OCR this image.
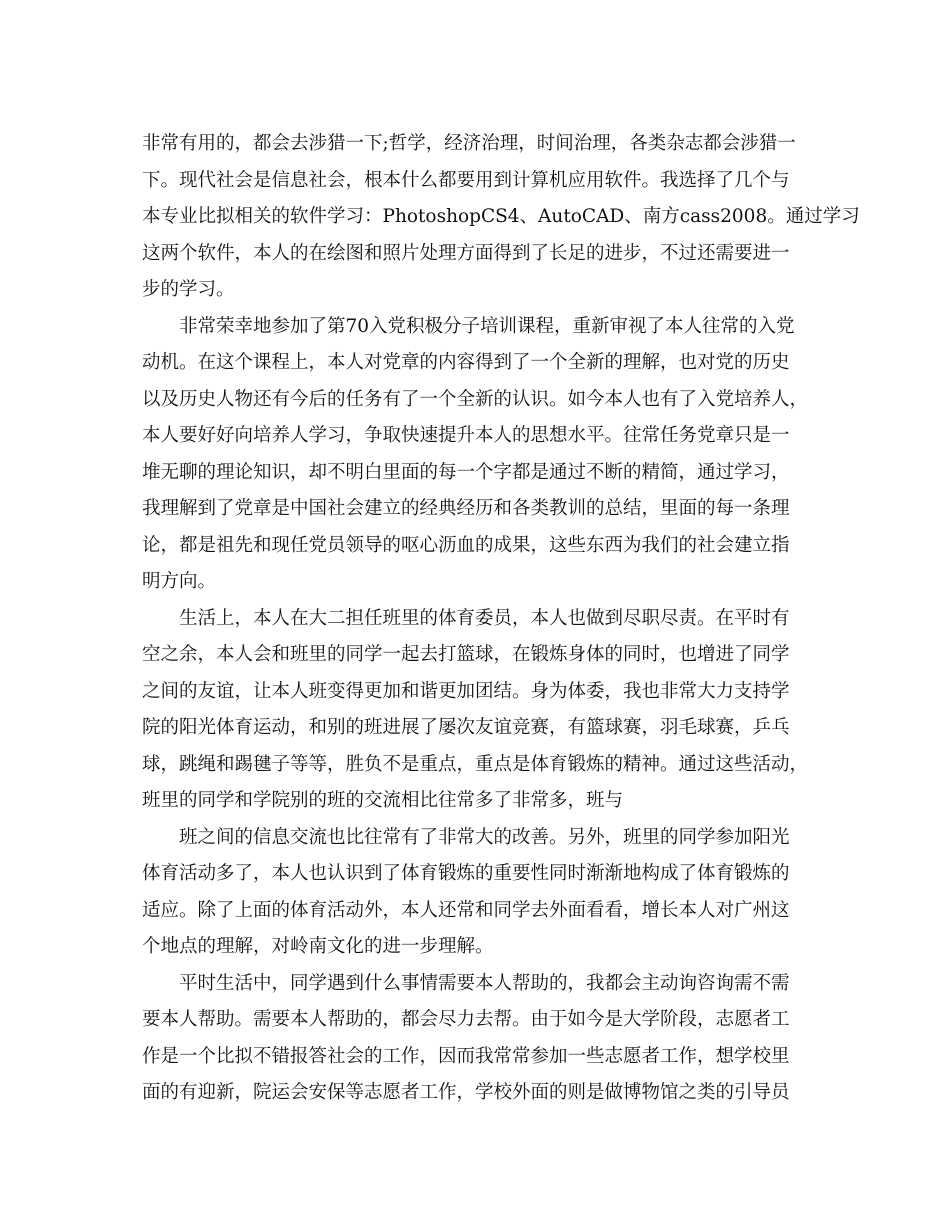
非常有用的，都会去涉猎一下;哲学，经济治理，时间治理，各类杂志都会涉猎一
下。现代社会是信息社会，根本什么都要用到计算机应用软件。我选择了几个与
本专业比拟相关的软件学习：PhotoshopCS4、AutoCAD、南方cass2008。通过学习
这两个软件，本人的在绘图和照片处理方面得到了长足的进步，不过还需要进一
步的学习。
非常荣幸地参加了第70入党积极分子培训课程，重新审视了本人往常的入党
动机。在这个课程上，本人对党章的内容得到了一个全新的理解，也对党的历史
以及历史人物还有今后的任务有了一个全新的认识。如今本人也有了入党培养人，
本人要好好向培养人学习，争取快速提升本人的思想水平。往常任务党章只是一
堆无聊的理论知识，却不明白里面的每一个字都是通过不断的精简，通过学习，
我理解到了党章是中国社会建立的经典经历和各类教训的总结，里面的每一条理
论，都是祖先和现任党员领导的呕心沥血的成果，这些东西为我们的社会建立指
明方向。
生活上，本人在大二担任班里的体育委员，本人也做到尽职尽责。在平时有
空之余，本人会和班里的同学一起去打篮球，在锻炼身体的同时，也增进了同学
之间的友谊，让本人班变得更加和谐更加团结。身为体委，我也非常大力支持学
院的阳光体育运动，和别的班进展了屡次友谊竞赛，有篮球赛，羽毛球赛，乒乓
球，跳绳和踢毽子等等，胜负不是重点，重点是体育锻炼的精神。通过这些活动，
班里的同学和学院别的班的交流相比往常多了非常多，班与
班之间的信息交流也比往常有了非常大的改善。另外，班里的同学参加阳光
体育活动多了，本人也认识到了体育锻炼的重要性同时渐渐地构成了体育锻炼的
适应。除了上面的体育活动外，本人还常和同学去外面看看，增长本人对广州这
个地点的理解，对岭南文化的进一步理解。
平时生活中，同学遇到什么事情需要本人帮助的，我都会主动询咨询需不需
要本人帮助。需要本人帮助的，都会尽力去帮。由于如今是大学阶段，志愿者工
作是一个比拟不错报答社会的工作，因而我常常参加一些志愿者工作，想学校里
面的有迎新，院运会安保等志愿者工作，学校外面的则是做博物馆之类的引导员
